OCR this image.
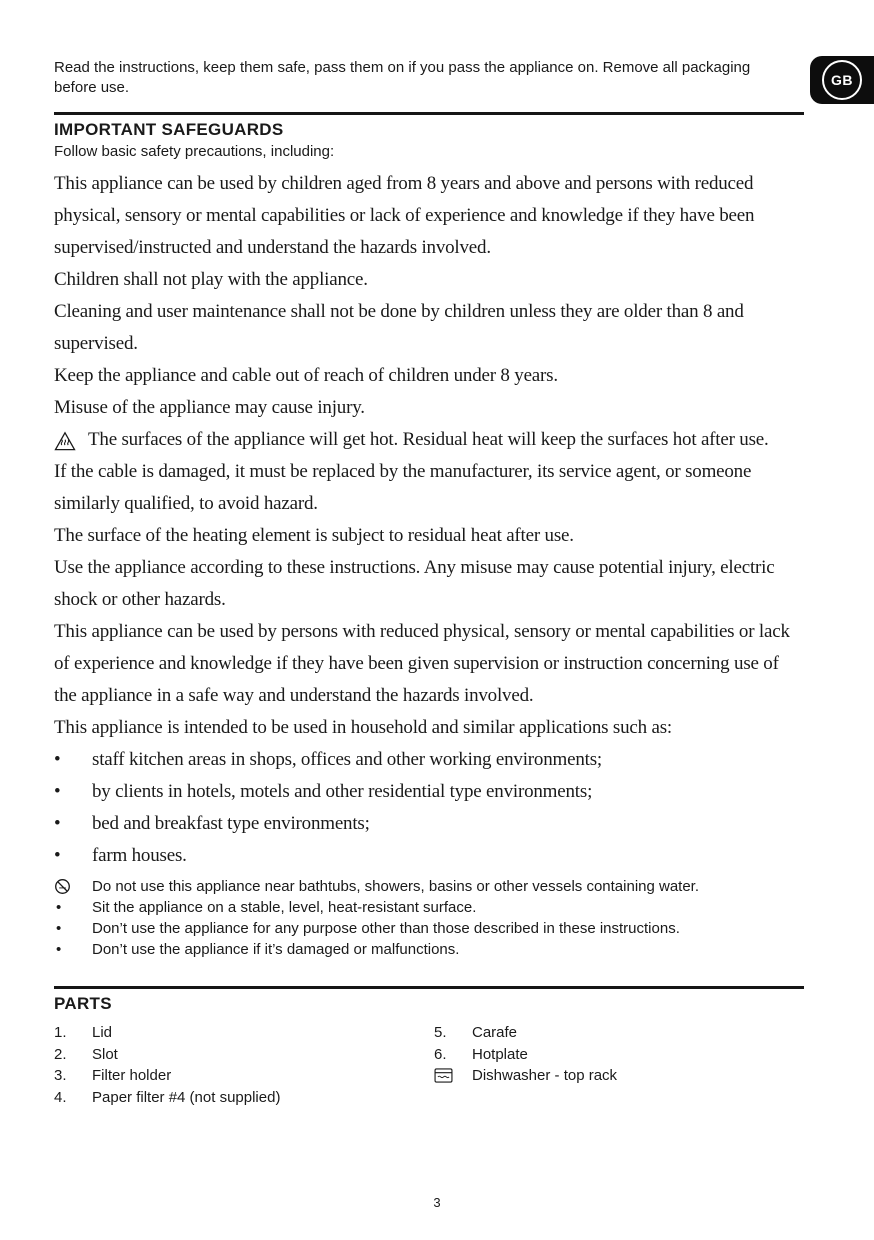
GB
Read the instructions, keep them safe, pass them on if you pass the appliance on. Remove all packaging before use.
IMPORTANT SAFEGUARDS
Follow basic safety precautions, including:

This appliance can be used by children aged from 8 years and above and persons with reduced physical, sensory or mental capabilities or lack of experience and knowledge if they have been supervised/instructed and understand the hazards involved.

Children shall not play with the appliance.

Cleaning and user maintenance shall not be done by children unless they are older than 8 and supervised.

Keep the appliance and cable out of reach of children under 8 years.

Misuse of the appliance may cause injury.

The surfaces of the appliance will get hot. Residual heat will keep the surfaces hot after use.

If the cable is damaged, it must be replaced by the manufacturer, its service agent, or someone similarly qualified, to avoid hazard.

The surface of the heating element is subject to residual heat after use.

Use the appliance according to these instructions. Any misuse may cause potential injury, electric shock or other hazards.

This appliance can be used by persons with reduced physical, sensory or mental capabilities or lack of experience and knowledge if they have been given supervision or instruction concerning use of the appliance in a safe way and understand the hazards involved.

This appliance is intended to be used in household and similar applications such as:

•	staff kitchen areas in shops, offices and other working environments;
•	by clients in hotels, motels and other residential type environments;
•	bed and breakfast type environments;
•	farm houses.
Do not use this appliance near bathtubs, showers, basins or other vessels containing water.
• Sit the appliance on a stable, level, heat-resistant surface.
• Don’t use the appliance for any purpose other than those described in these instructions.
• Don’t use the appliance if it’s damaged or malfunctions.
PARTS
1.	Lid
2.	Slot
3.	Filter holder
4.	Paper filter #4 (not supplied)
5.	Carafe
6.	Hotplate
Dishwasher - top rack
3
